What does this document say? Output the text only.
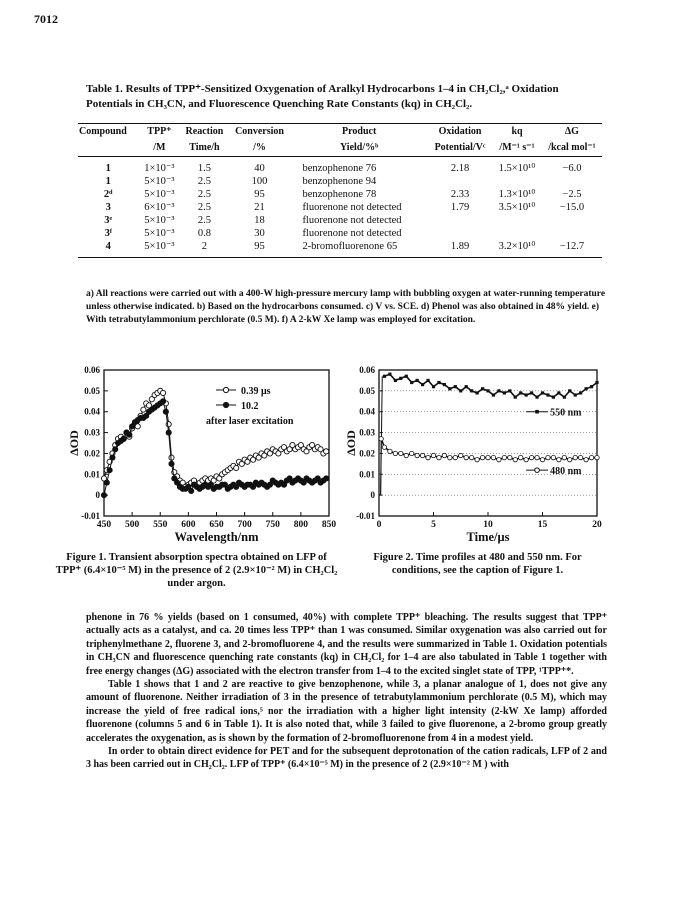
7012
Table 1. Results of TPP⁺-Sensitized Oxygenation of Aralkyl Hydrocarbons 1–4 in CH₂Cl₂,ᵃ Oxidation Potentials in CH₃CN, and Fluorescence Quenching Rate Constants (kq) in CH₂Cl₂.
Compound	TPP⁺	Reaction	Conversion	Product	Oxidation	kq	ΔG
	/M	Time/h	/%	Yield/%ᵇ	Potential/Vᶜ	/M⁻¹ s⁻¹	/kcal mol⁻¹
1	1×10⁻³	1.5	40	benzophenone 76	2.18	1.5×10¹⁰	−6.0
1	5×10⁻³	2.5	100	benzophenone 94			
2ᵈ	5×10⁻³	2.5	95	benzophenone 78	2.33	1.3×10¹⁰	−2.5
3	6×10⁻³	2.5	21	fluorenone not detected	1.79	3.5×10¹⁰	−15.0
3ᵉ	5×10⁻³	2.5	18	fluorenone not detected			
3ᶠ	5×10⁻³	0.8	30	fluorenone not detected			
4	5×10⁻³	2	95	2-bromofluorenone 65	1.89	3.2×10¹⁰	−12.7
a) All reactions were carried out with a 400-W high-pressure mercury lamp with bubbling oxygen at water-running temperature unless otherwise indicated. b) Based on the hydrocarbons consumed. c) V vs. SCE. d) Phenol was also obtained in 48% yield. e) With tetrabutylammonium perchlorate (0.5 M). f) A 2-kW Xe lamp was employed for excitation.
-0.01
0
0.01
0.02
0.03
0.04
0.05
0.06
450 500 550 600 650 700 750 800 850
Wavelength/nm
ΔOD
0.39 μs
10.2
after laser excitation
Figure 1. Transient absorption spectra obtained on LFP of TPP⁺ (6.4×10⁻⁵ M) in the presence of 2 (2.9×10⁻² M) in CH₂Cl₂ under argon.
-0.01
0
0.01
0.02
0.03
0.04
0.05
0.06
0	5	10	15	20
Time/μs
ΔOD
550 nm
480 nm
Figure 2. Time profiles at 480 and 550 nm. For conditions, see the caption of Figure 1.

phenone in 76 % yields (based on 1 consumed, 40%) with complete TPP⁺ bleaching. The results suggest that TPP⁺ actually acts as a catalyst, and ca. 20 times less TPP⁺ than 1 was consumed. Similar oxygenation was also carried out for triphenylmethane 2, fluorene 3, and 2-bromofluorene 4, and the results were summarized in Table 1. Oxidation potentials in CH₃CN and fluorescence quenching rate constants (kq) in CH₂Cl₂ for 1–4 are also tabulated in Table 1 together with free energy changes (ΔG) associated with the electron transfer from 1–4 to the excited singlet state of TPP, ¹TPP⁺*.

Table 1 shows that 1 and 2 are reactive to give benzophenone, while 3, a planar analogue of 1, does not give any amount of fluorenone. Neither irradiation of 3 in the presence of tetrabutylammonium perchlorate (0.5 M), which may increase the yield of free radical ions,⁵ nor the irradiation with a higher light intensity (2-kW Xe lamp) afforded fluorenone (columns 5 and 6 in Table 1). It is also noted that, while 3 failed to give fluorenone, a 2-bromo group greatly accelerates the oxygenation, as is shown by the formation of 2-bromofluorenone from 4 in a modest yield.

In order to obtain direct evidence for PET and for the subsequent deprotonation of the cation radicals, LFP of 2 and 3 has been carried out in CH₂Cl₂. LFP of TPP⁺ (6.4×10⁻⁵ M) in the presence of 2 (2.9×10⁻² M ) with
